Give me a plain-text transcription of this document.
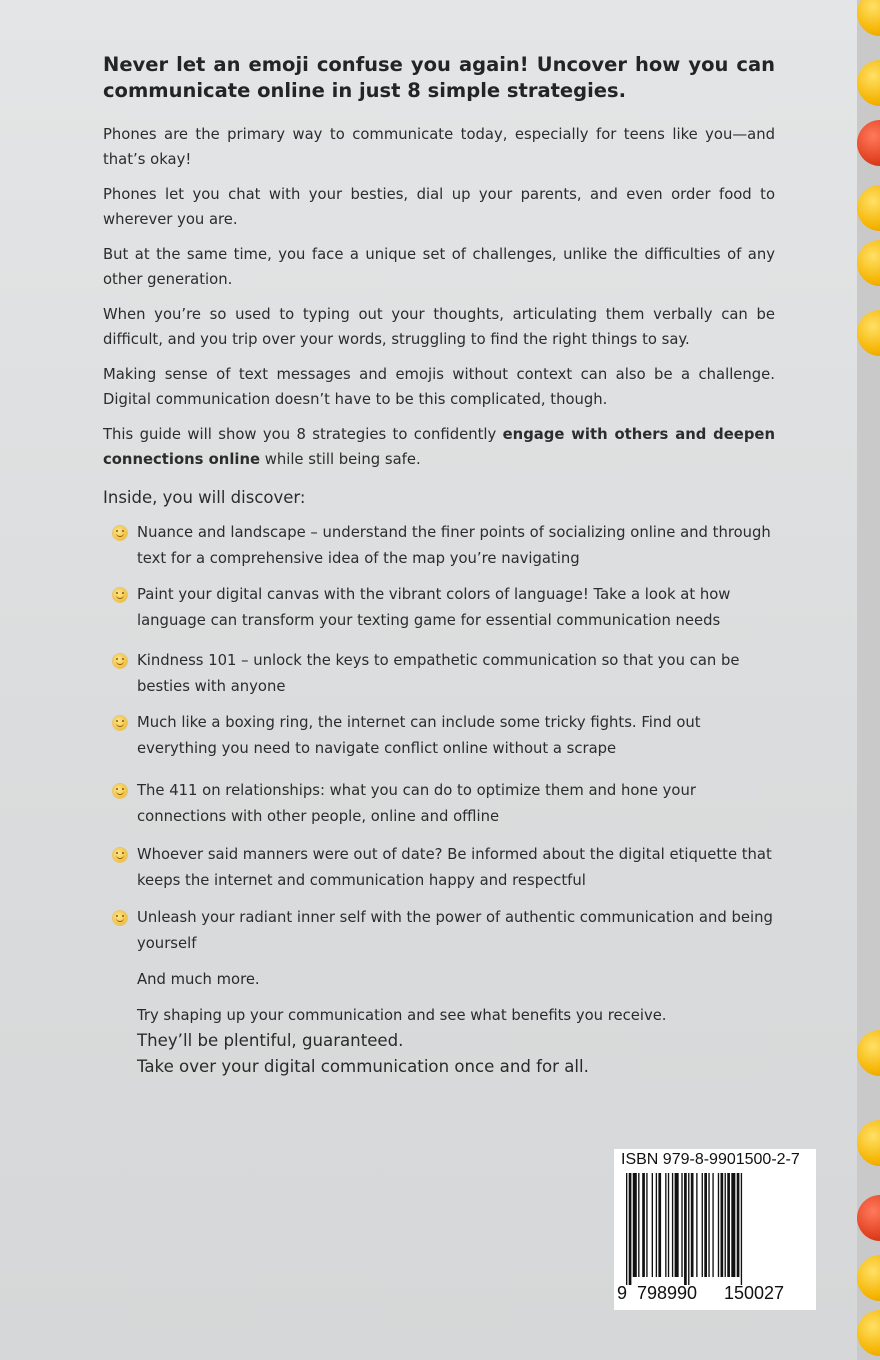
Never let an emoji confuse you again! Uncover how you can communicate online in just 8 simple strategies.

Phones are the primary way to communicate today, especially for teens like you—and that’s okay!

Phones let you chat with your besties, dial up your parents, and even order food to wherever you are.

But at the same time, you face a unique set of challenges, unlike the difficulties of any other generation.

When you’re so used to typing out your thoughts, articulating them verbally can be difficult, and you trip over your words, struggling to find the right things to say.

Making sense of text messages and emojis without context can also be a challenge. Digital communication doesn’t have to be this complicated, though.

This guide will show you 8 strategies to confidently engage with others and deepen connections online while still being safe.

Inside, you will discover:

Nuance and landscape – understand the finer points of socializing online and through text for a comprehensive idea of the map you’re navigating
Paint your digital canvas with the vibrant colors of language! Take a look at how language can transform your texting game for essential communication needs
Kindness 101 – unlock the keys to empathetic communication so that you can be besties with anyone
Much like a boxing ring, the internet can include some tricky fights. Find out everything you need to navigate conflict online without a scrape
The 411 on relationships: what you can do to optimize them and hone your connections with other people, online and offline
Whoever said manners were out of date? Be informed about the digital etiquette that keeps the internet and communication happy and respectful
Unleash your radiant inner self with the power of authentic communication and being yourself

And much more.

Try shaping up your communication and see what benefits you receive.

They’ll be plentiful, guaranteed.

Take over your digital communication once and for all.

ISBN 979-8-9901500-2-7
9 798990 150027
